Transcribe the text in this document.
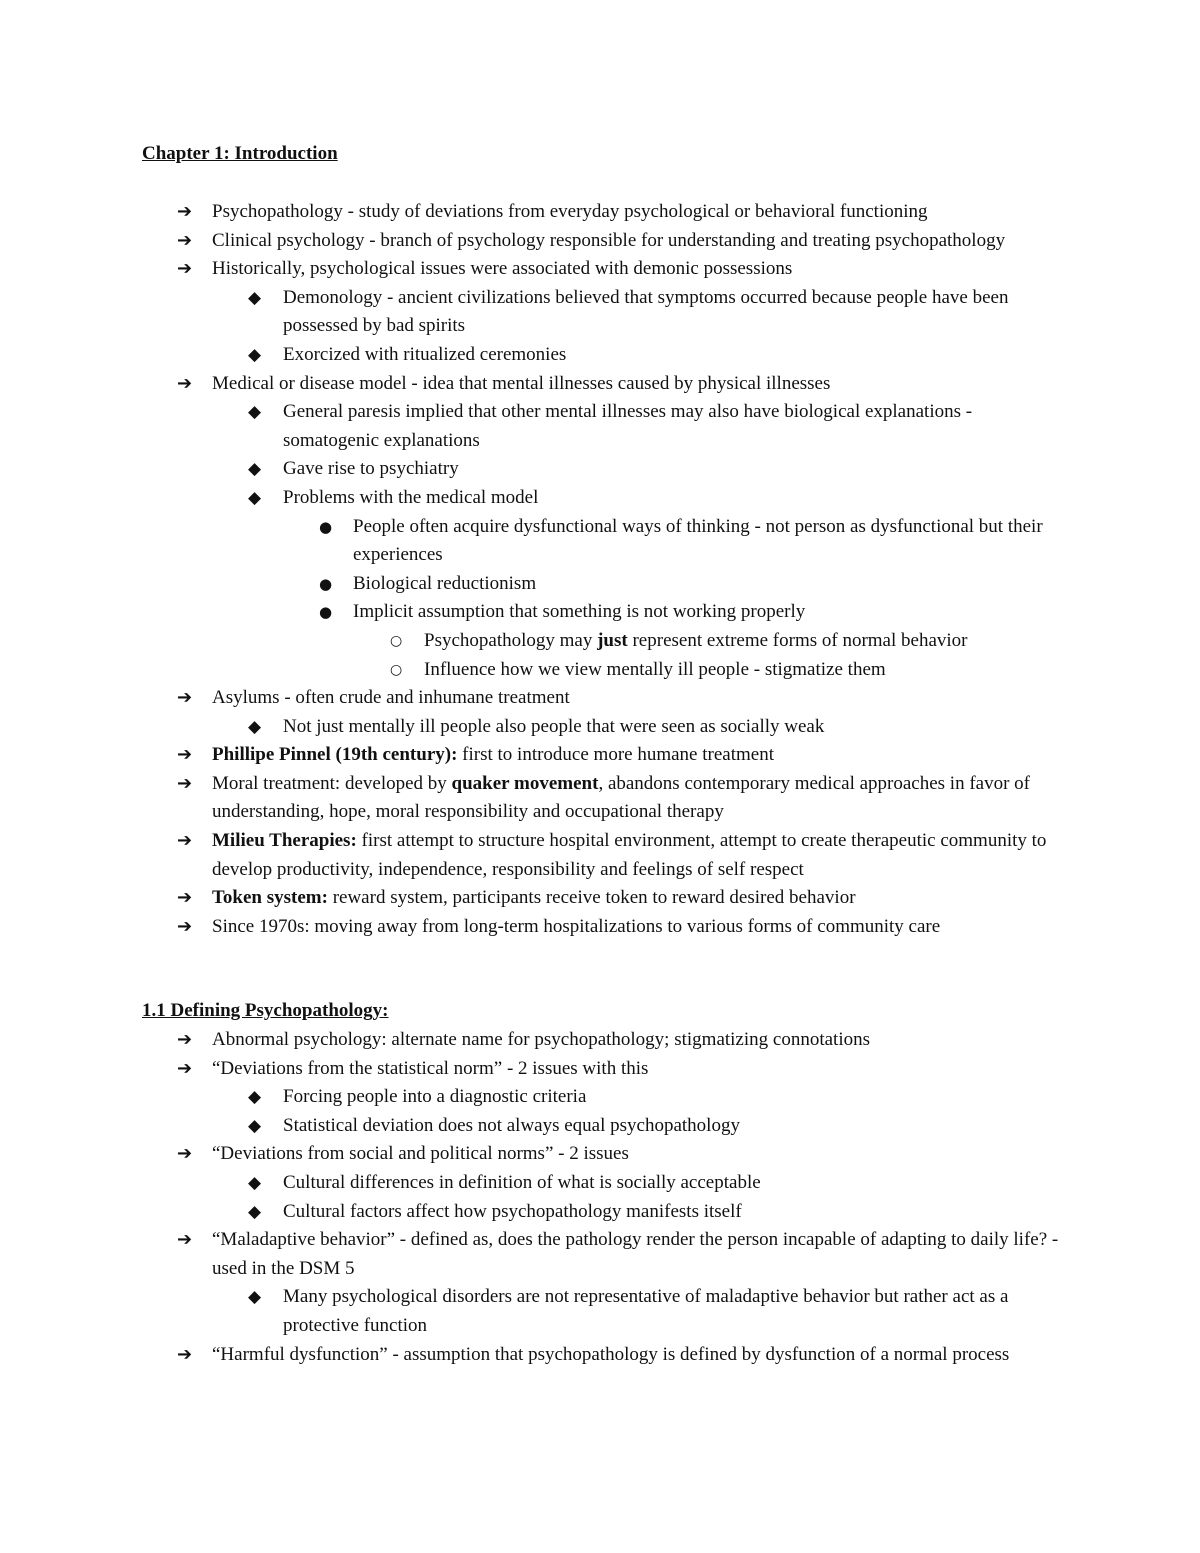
Chapter 1: Introduction
➔	Psychopathology - study of deviations from everyday psychological or behavioral functioning
➔	Clinical psychology - branch of psychology responsible for understanding and treating psychopathology
➔	Historically, psychological issues were associated with demonic possessions
◆	Demonology - ancient civilizations believed that symptoms occurred because people have been possessed by bad spirits
◆	Exorcized with ritualized ceremonies
➔	Medical or disease model - idea that mental illnesses caused by physical illnesses
◆	General paresis implied that other mental illnesses may also have biological explanations - somatogenic explanations
◆	Gave rise to psychiatry
◆	Problems with the medical model
●	People often acquire dysfunctional ways of thinking - not person as dysfunctional but their experiences
●	Biological reductionism
●	Implicit assumption that something is not working properly
○	Psychopathology may just represent extreme forms of normal behavior
○	Influence how we view mentally ill people - stigmatize them
➔	Asylums - often crude and inhumane treatment
◆	Not just mentally ill people also people that were seen as socially weak
➔	Phillipe Pinnel (19th century): first to introduce more humane treatment
➔	Moral treatment: developed by quaker movement, abandons contemporary medical approaches in favor of understanding, hope, moral responsibility and occupational therapy
➔	Milieu Therapies: first attempt to structure hospital environment, attempt to create therapeutic community to develop productivity, independence, responsibility and feelings of self respect
➔	Token system: reward system, participants receive token to reward desired behavior
➔	Since 1970s: moving away from long-term hospitalizations to various forms of community care
1.1 Defining Psychopathology:
➔	Abnormal psychology: alternate name for psychopathology; stigmatizing connotations
➔	“Deviations from the statistical norm” - 2 issues with this
◆	Forcing people into a diagnostic criteria
◆	Statistical deviation does not always equal psychopathology
➔	“Deviations from social and political norms” - 2 issues
◆	Cultural differences in definition of what is socially acceptable
◆	Cultural factors affect how psychopathology manifests itself
➔	“Maladaptive behavior” - defined as, does the pathology render the person incapable of adapting to daily life? - used in the DSM 5
◆	Many psychological disorders are not representative of maladaptive behavior but rather act as a protective function
➔	“Harmful dysfunction” - assumption that psychopathology is defined by dysfunction of a normal process
